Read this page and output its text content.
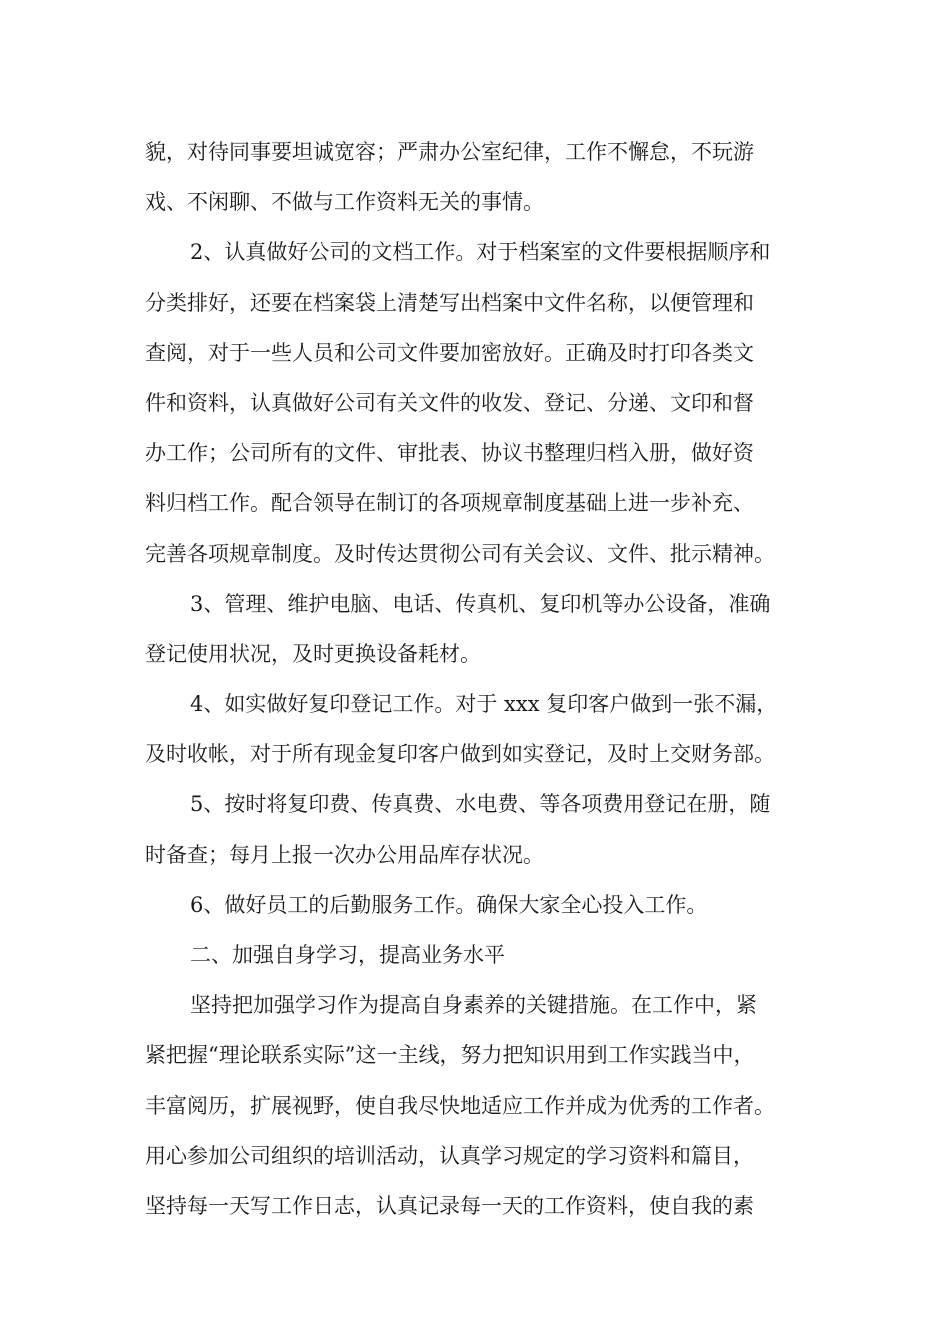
貌，对待同事要坦诚宽容；严肃办公室纪律，工作不懈怠，不玩游
戏、不闲聊、不做与工作资料无关的事情。
2、认真做好公司的文档工作。对于档案室的文件要根据顺序和
分类排好，还要在档案袋上清楚写出档案中文件名称，以便管理和
查阅，对于一些人员和公司文件要加密放好。正确及时打印各类文
件和资料，认真做好公司有关文件的收发、登记、分递、文印和督
办工作；公司所有的文件、审批表、协议书整理归档入册，做好资
料归档工作。配合领导在制订的各项规章制度基础上进一步补充、
完善各项规章制度。及时传达贯彻公司有关会议、文件、批示精神。
3、管理、维护电脑、电话、传真机、复印机等办公设备，准确
登记使用状况，及时更换设备耗材。
4、如实做好复印登记工作。对于 xxx 复印客户做到一张不漏，
及时收帐，对于所有现金复印客户做到如实登记，及时上交财务部。
5、按时将复印费、传真费、水电费、等各项费用登记在册，随
时备查；每月上报一次办公用品库存状况。
6、做好员工的后勤服务工作。确保大家全心投入工作。
二、加强自身学习，提高业务水平
坚持把加强学习作为提高自身素养的关键措施。在工作中，紧
紧把握“理论联系实际”这一主线，努力把知识用到工作实践当中，
丰富阅历，扩展视野，使自我尽快地适应工作并成为优秀的工作者。
用心参加公司组织的培训活动，认真学习规定的学习资料和篇目，
坚持每一天写工作日志，认真记录每一天的工作资料，使自我的素
